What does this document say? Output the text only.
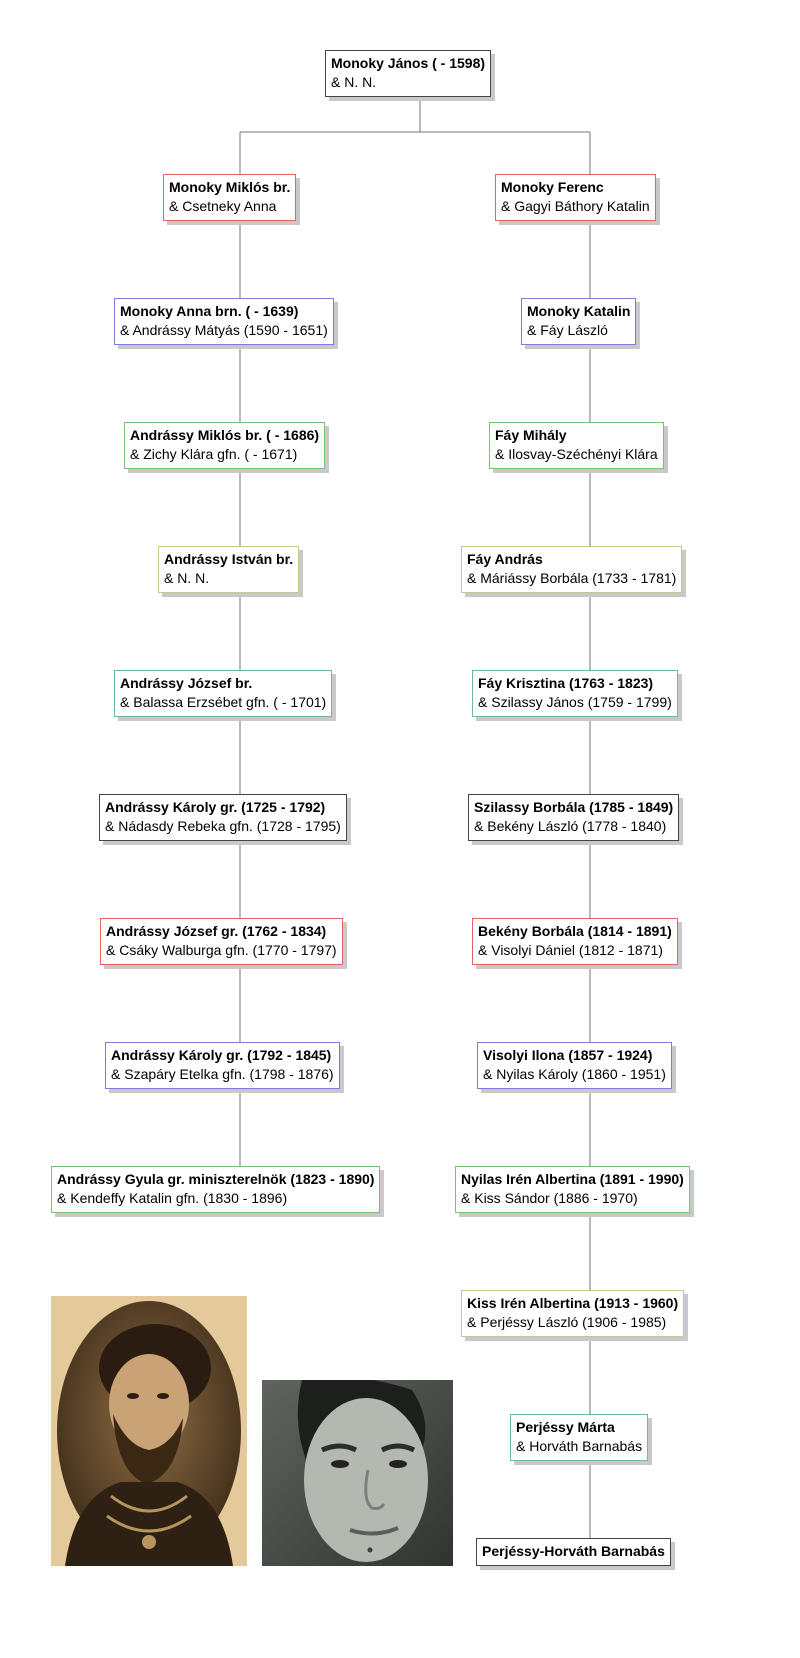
Monoky János ( - 1598)
& N. N.
Monoky Miklós br.
& Csetneky Anna
Monoky Anna brn. ( - 1639)
& Andrássy Mátyás (1590 - 1651)
Andrássy Miklós br. ( - 1686)
& Zichy Klára gfn. ( - 1671)
Andrássy István br.
& N. N.
Andrássy József br.
& Balassa Erzsébet gfn. ( - 1701)
Andrássy Károly gr. (1725 - 1792)
& Nádasdy Rebeka gfn. (1728 - 1795)
Andrássy József gr. (1762 - 1834)
& Csáky Walburga gfn. (1770 - 1797)
Andrássy Károly gr. (1792 - 1845)
& Szapáry Etelka gfn. (1798 - 1876)
Andrássy Gyula gr. miniszterelnök (1823 - 1890)
& Kendeffy Katalin gfn. (1830 - 1896)
Monoky Ferenc
& Gagyi Báthory Katalin
Monoky Katalin
& Fáy László
Fáy Mihály
& Ilosvay-Széchényi Klára
Fáy András
& Máriássy Borbála (1733 - 1781)
Fáy Krisztina (1763 - 1823)
& Szilassy János (1759 - 1799)
Szilassy Borbála (1785 - 1849)
& Bekény László (1778 - 1840)
Bekény Borbála (1814 - 1891)
& Visolyi Dániel (1812 - 1871)
Visolyi Ilona (1857 - 1924)
& Nyilas Károly (1860 - 1951)
Nyilas Irén Albertina (1891 - 1990)
& Kiss Sándor (1886 - 1970)
Kiss Irén Albertina (1913 - 1960)
& Perjéssy László (1906 - 1985)
Perjéssy Márta
& Horváth Barnabás
Perjéssy-Horváth Barnabás
